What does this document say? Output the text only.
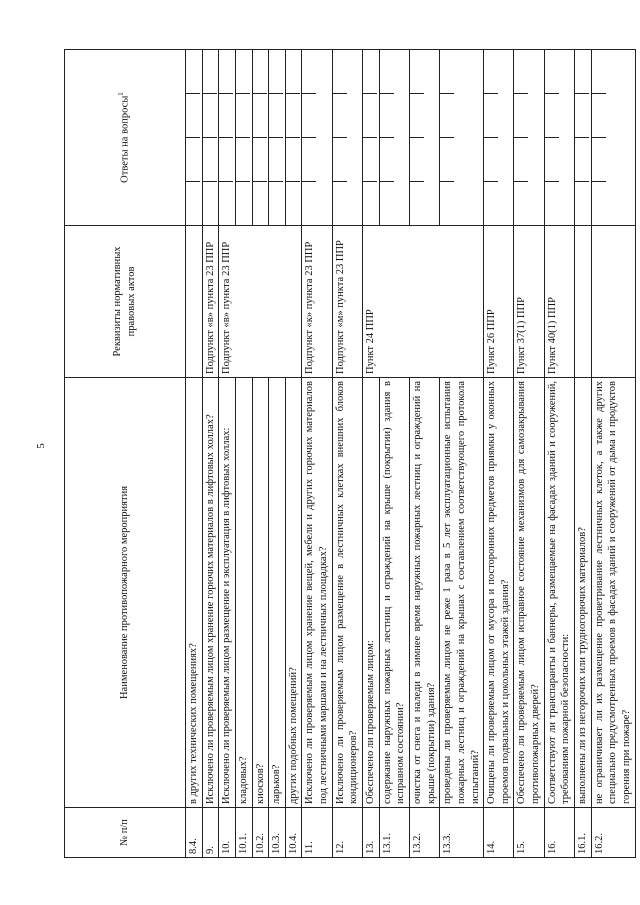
5
№ п/п	Наименование противопожарного мероприятия	Реквизиты нормативных правовых актов	Ответы на вопросы$^1$
8.4.	в других технических помещениях?		

9.	Исключено ли проверяемым лицом хранение горючих материалов в лифтовых холлах?	Подпункт «в» пункта 23 ППР	

10.	Исключено ли проверяемым лицом размещение и эксплуатация в лифтовых холлах:	Подпункт «в» пункта 23 ППР	

10.1.	кладовых?		

10.2.	киосков?		

10.3.	ларьков?		

10.4.	других подобных помещений?		

11.	Исключено ли проверяемым лицом хранение вещей, мебели и других горючих материалов под лестничными маршами и на лестничных площадках?	Подпункт «к» пункта 23 ППР	

12.	Исключено ли проверяемым лицом размещение в лестничных клетках внешних блоков кондиционеров?	Подпункт «м» пункта 23 ППР	

13.	Обеспечено ли проверяемым лицом:	Пункт 24 ППР	

13.1.	содержание наружных пожарных лестниц и ограждений на крыше (покрытии) здания в исправном состоянии?		

13.2.	очистка от снега и наледи в зимнее время наружных пожарных лестниц и ограждений на крыше (покрытии) здания?		

13.3.	проведены ли проверяемым лицом не реже 1 раза в 5 лет эксплуатационные испытания пожарных лестниц и ограждений на крышах с составлением соответствующего протокола испытаний?		

14.	Очищены ли проверяемым лицом от мусора и посторонних предметов приямки у оконных проемов подвальных и цокольных этажей здания?	Пункт 26 ППР	

15.	Обеспечено ли проверяемым лицом исправное состояние механизмов для самозакрывания противопожарных дверей?	Пункт 37(1) ППР	

16.	Соответствуют ли транспаранты и баннеры, размещаемые на фасадах зданий и сооружений, требованиям пожарной безопасности:	Пункт 40(1) ППР	

16.1.	выполнены ли из негорючих или трудногорючих материалов?		

16.2.	не ограничивает ли их размещение проветривание лестничных клеток, а также других специально предусмотренных проемов в фасадах зданий и сооружений от дыма и продуктов горения при пожаре?		
